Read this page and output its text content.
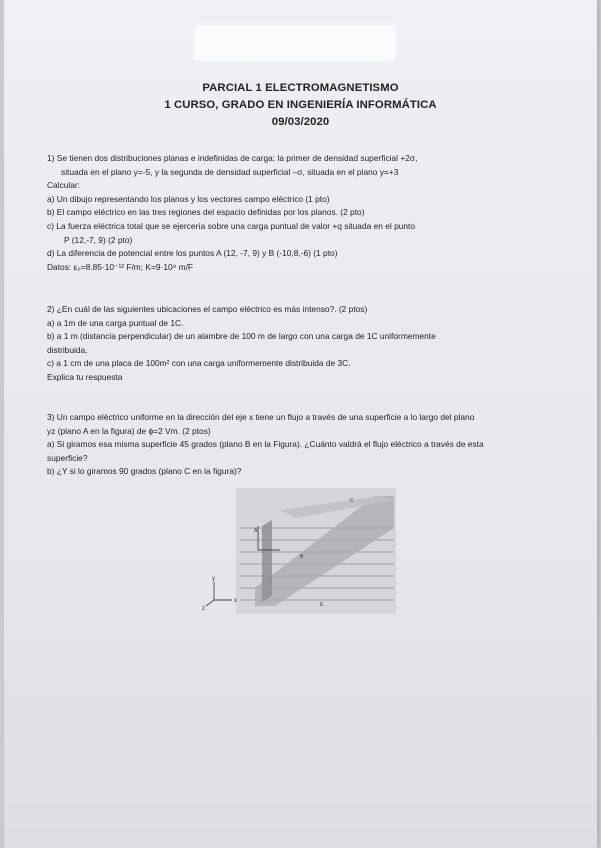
PARCIAL 1 ELECTROMAGNETISMO
1 CURSO, GRADO EN INGENIERÍA INFORMÁTICA
09/03/2020
1) Se tienen dos distribuciones planas e indefinidas de carga: la primer de densidad superficial +2σ,
situada en el plano y=-5, y la segunda de densidad superficial –σ, situada en el plano y=+3
Calcular:
a) Un dibujo representando los planos y los vectores campo eléctrico (1 pto)
b) El campo eléctrico en las tres regiones del espacio definidas por los planos. (2 pto)
c) La fuerza eléctrica total que se ejercería sobre una carga puntual de valor +q situada en el punto
P (12,-7, 9) (2 pto)
d) La diferencia de potencial entre los puntos A (12, -7, 9) y B (-10,8,-6) (1 pto)
Datos: ε₀=8.85·10⁻¹² F/m; K=9·10⁹ m/F
2) ¿En cuál de las siguientes ubicaciones el campo eléctrico es más intenso?. (2 ptos)
a) a 1m de una carga puntual de 1C.
b) a 1 m (distancia perpendicular) de un alambre de 100 m de largo con una carga de 1C uniformemente
distribuida.
c) a 1 cm de una placa de 100m² con una carga uniformemente distribuida de 3C.
Explica tu respuesta
3) Un campo eléctrico uniforme en la dirección del eje x tiene un flujo a través de una superficie a lo largo del plano
yz (plano A en la figura) de ϕ=2 Vm. (2 ptos)
a) Si giramos esa misma superficie 45 grados (plano B en la Figura). ¿Cuánto valdrá el flujo eléctrico a través de esta
superficie?
b) ¿Y si lo giramos 90 grados (plano C en la figura)?
y
x
z
A
B
C
E
